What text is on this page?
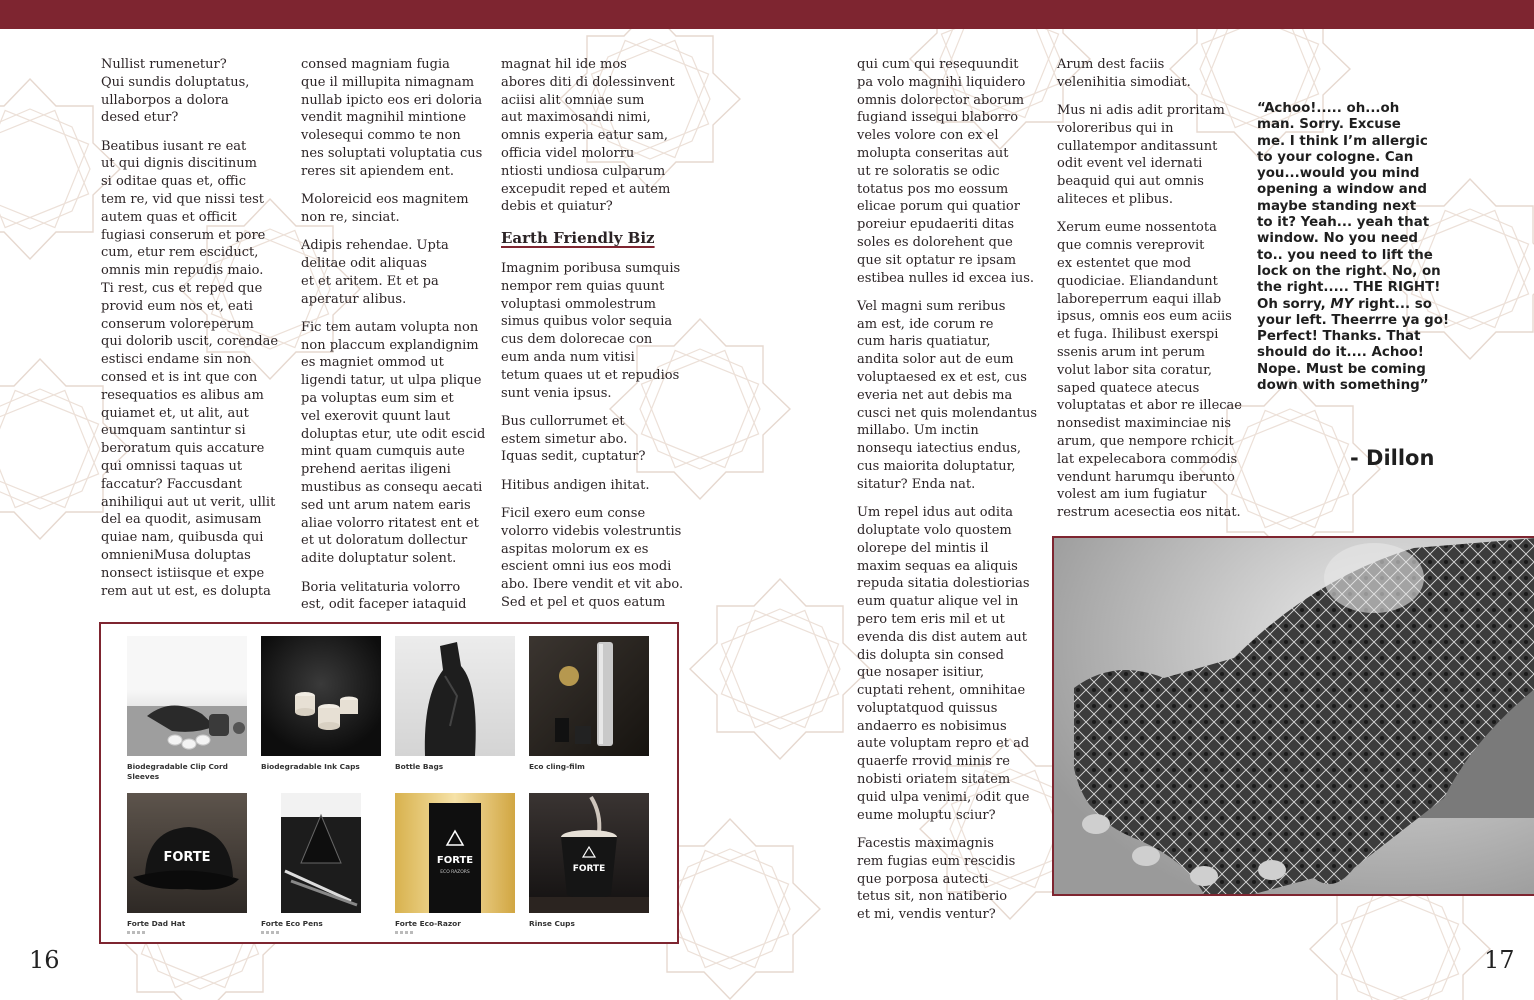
Nullist rumenetur?
Qui sundis doluptatus,
ullaborpos a dolora
desed etur?

Beatibus iusant re eat
ut qui dignis discitinum
si oditae quas et, offic
tem re, vid que nissi test
autem quas et officit
fugiasi conserum et pore
cum, etur rem esciduct,
omnis min repudis maio.
Ti rest, cus et reped que
provid eum nos et, eati
conserum voloreperum
qui dolorib uscit, corendae
estisci endame sin non
consed et is int que con
resequatios es alibus am
quiamet et, ut alit, aut
eumquam santintur si
beroratum quis accature
qui omnissi taquas ut
faccatur? Faccusdant
anihiliqui aut ut verit, ullit
del ea quodit, asimusam
quiae nam, quibusda qui
omnieniMusa doluptas
nonsect istiisque et expe
rem aut ut est, es dolupta

consed magniam fugia
que il millupita nimagnam
nullab ipicto eos eri doloria
vendit magnihil mintione
volesequi commo te non
nes soluptati voluptatia cus
reres sit apiendem ent.

Moloreicid eos magnitem
non re, sinciat.

Adipis rehendae. Upta
delitae odit aliquas
et et aritem. Et et pa
aperatur alibus.

Fic tem autam volupta non
non placcum explandignim
es magniet ommod ut
ligendi tatur, ut ulpa plique
pa voluptas eum sim et
vel exerovit quunt laut
doluptas etur, ute odit escid
mint quam cumquis aute
prehend aeritas iligeni
mustibus as consequ aecati
sed unt arum natem earis
aliae volorro ritatest ent et
et ut doloratum dollectur
adite doluptatur solent.

Boria velitaturia volorro
est, odit faceper iataquid

magnat hil ide mos
abores diti di dolessinvent
aciisi alit omniae sum
aut maximosandi nimi,
omnis experia eatur sam,
officia videl molorru
ntiosti undiosa culparum
excepudit reped et autem
debis et quiatur?

Earth Friendly Biz

Imagnim poribusa sumquis
nempor rem quias quunt
voluptasi ommolestrum
simus quibus volor sequia
cus dem dolorecae con
eum anda num vitisi
tetum quaes ut et repudios
sunt venia ipsus.

Bus cullorrumet et
estem simetur abo.
Iquas sedit, cuptatur?

Hitibus andigen ihitat.

Ficil exero eum conse
volorro videbis volestruntis
aspitas molorum ex es
escient omni ius eos modi
abo. Ibere vendit et vit abo.
Sed et pel et quos eatum

Biodegradable Clip Cord
Sleeves
Biodegradable Ink Caps	Bottle Bags	Eco cling-film
FORTE
Forte Dad Hat	Forte Eco Pens
FORTE
ECO RAZORS
Forte Eco-Razor
FORTE
Rinse Cups
16

qui cum qui resequundit
pa volo magnihi liquidero
omnis dolorector aborum
fugiand issequi blaborro
veles volore con ex el
molupta conseritas aut
ut re soloratis se odic
totatus pos mo eossum
elicae porum qui quatior
poreiur epudaeriti ditas
soles es dolorehent que
que sit optatur re ipsam
estibea nulles id excea ius.

Vel magni sum reribus
am est, ide corum re
cum haris quatiatur,
andita solor aut de eum
voluptaesed ex et est, cus
everia net aut debis ma
cusci net quis molendantus
millabo. Um inctin
nonsequ iatectius endus,
cus maiorita doluptatur,
sitatur? Enda nat.

Um repel idus aut odita
doluptate volo quostem
olorepe del mintis il
maxim sequas ea aliquis
repuda sitatia dolestiorias
eum quatur alique vel in
pero tem eris mil et ut
evenda dis dist autem aut
dis dolupta sin consed
que nosaper isitiur,
cuptati rehent, omnihitae
voluptatquod quissus
andaerro es nobisimus
aute voluptam repro et ad
quaerfe rrovid minis re
nobisti oriatem sitatem
quid ulpa venimi, odit que
eume moluptu sciur?

Facestis maximagnis
rem fugias eum rescidis
que porposa autecti
tetus sit, non natiberio
et mi, vendis ventur?

Arum dest faciis
velenihitia simodiat.

Mus ni adis adit proritam
voloreribus qui in
cullatempor anditassunt
odit event vel idernati
beaquid qui aut omnis
aliteces et plibus.

Xerum eume nossentota
que comnis vereprovit
ex estentet que mod
quodiciae. Eliandandunt
laboreperrum eaqui illab
ipsus, omnis eos eum aciis
et fuga. Ihilibust exerspi
ssenis arum int perum
volut labor sita coratur,
saped quatece atecus
voluptatas et abor re illecae
nonsedist maximinciae nis
arum, que nempore rchicit
lat expelecabora commodis
vendunt harumqu iberunto
volest am ium fugiatur
restrum acesectia eos nitat.

“Achoo!..... oh...oh
man. Sorry. Excuse
me. I think I’m allergic
to your cologne. Can
you...would you mind
opening a window and
maybe standing next
to it? Yeah... yeah that
window. No you need
to.. you need to lift the
lock on the right. No, on
the right..... THE RIGHT!
Oh sorry, MY right... so
your left. Theerrre ya go!
Perfect! Thanks. That
should do it.... Achoo!
Nope. Must be coming
down with something”
- Dillon
17
